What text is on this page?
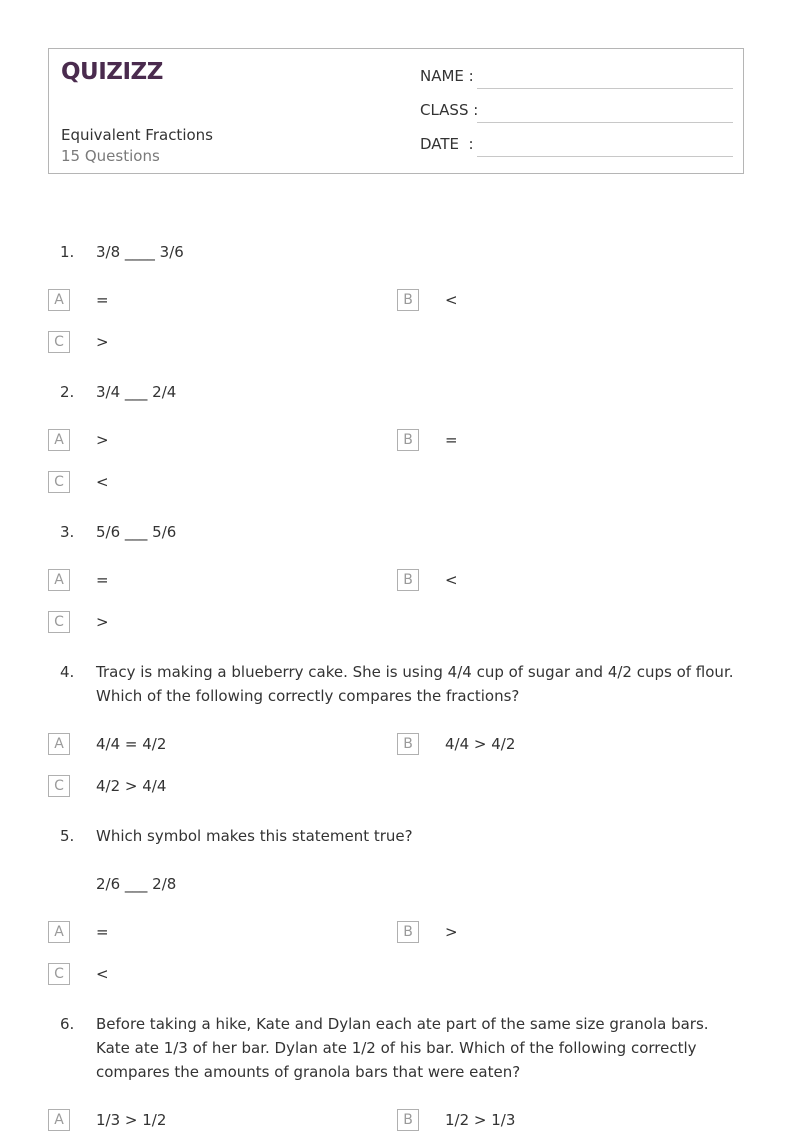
QUIZIZZ
Equivalent Fractions
15 Questions
NAME :
CLASS :
DATE  :
1. 3/8 ____ 3/6
A	=	B	<
C	>
2. 3/4 ___ 2/4
A	>	B	=
C	<
3. 5/6 ___ 5/6
A	=	B	<
C	>
4. Tracy is making a blueberry cake. She is using 4/4 cup of sugar and 4/2 cups of flour. Which of the following correctly compares the fractions?
A	4/4 = 4/2	B	4/4 > 4/2
C	4/2 > 4/4
5. Which symbol makes this statement true?
2/6 ___ 2/8
A	=	B	>
C	<
6. Before taking a hike, Kate and Dylan each ate part of the same size granola bars. Kate ate 1/3 of her bar. Dylan ate 1/2 of his bar. Which of the following correctly compares the amounts of granola bars that were eaten?
A	1/3 > 1/2	B	1/2 > 1/3
